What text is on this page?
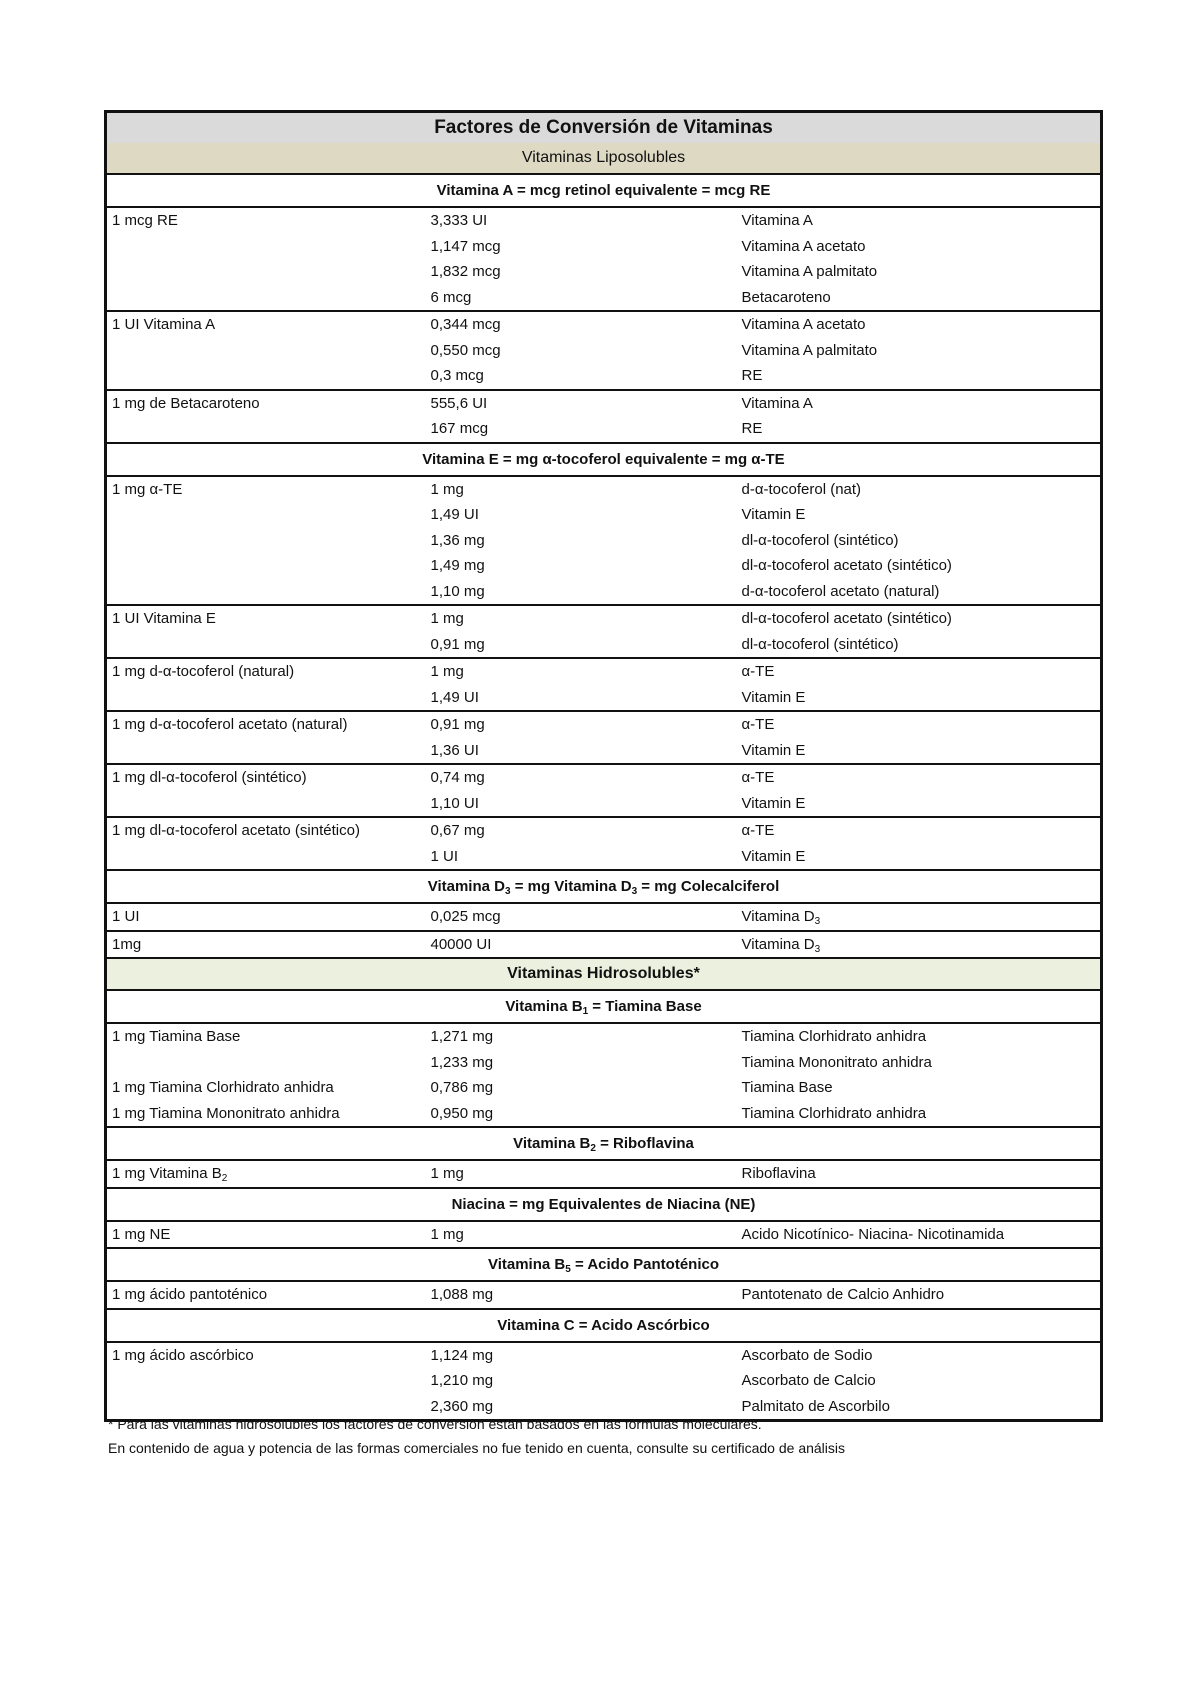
Factores de Conversión de Vitaminas		
Vitaminas Liposolubles		
Vitamina A = mcg retinol equivalente = mcg RE		
1 mcg RE	3,333 UI	Vitamina A
	1,147 mcg	Vitamina A acetato
	1,832 mcg	Vitamina A palmitato
	6 mcg	Betacaroteno
1 UI Vitamina A	0,344 mcg	Vitamina A acetato
	0,550 mcg	Vitamina A palmitato
	0,3 mcg	RE
1 mg de Betacaroteno	555,6 UI	Vitamina A
	167 mcg	RE
Vitamina E = mg α-tocoferol equivalente = mg α-TE		
1 mg α-TE	1 mg	d-α-tocoferol (nat)
	1,49 UI	Vitamin E
	1,36 mg	dl-α-tocoferol (sintético)
	1,49 mg	dl-α-tocoferol acetato (sintético)
	1,10 mg	d-α-tocoferol acetato (natural)
1 UI Vitamina E	1 mg	dl-α-tocoferol acetato (sintético)
	0,91 mg	dl-α-tocoferol (sintético)
1 mg d-α-tocoferol (natural)	1 mg	α-TE
	1,49 UI	Vitamin E
1 mg d-α-tocoferol acetato (natural)	0,91 mg	α-TE
	1,36 UI	Vitamin E
1 mg dl-α-tocoferol (sintético)	0,74 mg	α-TE
	1,10 UI	Vitamin E
1 mg dl-α-tocoferol acetato (sintético)	0,67 mg	α-TE
	1 UI	Vitamin E
Vitamina $D_3$ = mg Vitamina $D_3$ = mg Colecalciferol		
1 UI	0,025 mcg	Vitamina $D_3$
1mg	40000 UI	Vitamina $D_3$
Vitaminas Hidrosolubles*		
Vitamina $B_1 = Tiamina$ Base		
1 mg Tiamina Base	1,271 mg	Tiamina Clorhidrato anhidra
	1,233 mg	Tiamina Mononitrato anhidra
1 mg Tiamina Clorhidrato anhidra	0,786 mg	Tiamina Base
1 mg Tiamina Mononitrato anhidra	0,950 mg	Tiamina Clorhidrato anhidra
Vitamina $B_2$ = Riboflavina		
1 mg Vitamina $B_2$	1 mg	Riboflavina
Niacina = mg Equivalentes de Niacina (NE)		
1 mg NE	1 mg	Acido Nicotínico- Niacina- Nicotinamida
Vitamina $B_5$ = Acido Pantoténico		
1 mg ácido pantoténico	1,088 mg	Pantotenato de Calcio Anhidro
Vitamina C = Acido Ascórbico		
1 mg ácido ascórbico	1,124 mg	Ascorbato de Sodio
	1,210 mg	Ascorbato de Calcio
	2,360 mg	Palmitato de Ascorbilo

* Para las vitaminas hidrosolubles los factores de conversión estan basados en las fórmulas moleculares.

En contenido de agua y potencia de las formas comerciales no fue tenido en cuenta, consulte su certificado de análisis
